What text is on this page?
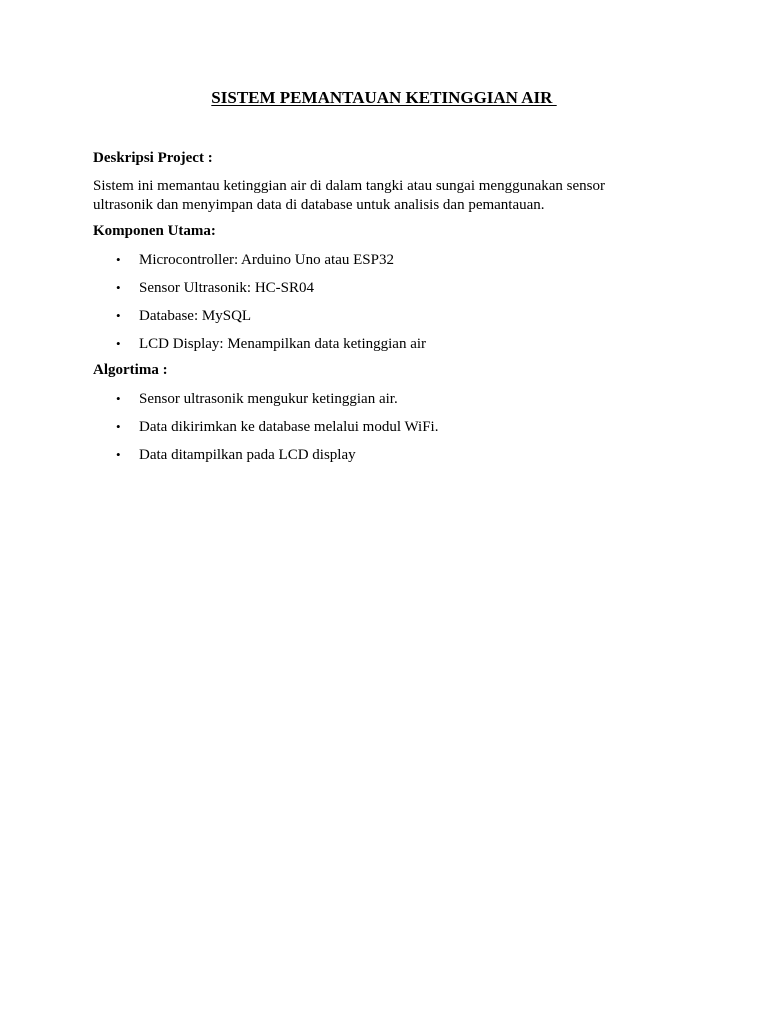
SISTEM PEMANTAUAN KETINGGIAN AIR
Deskripsi Project :
Sistem ini memantau ketinggian air di dalam tangki atau sungai menggunakan sensor
ultrasonik dan menyimpan data di database untuk analisis dan pemantauan.
Komponen Utama:
• Microcontroller: Arduino Uno atau ESP32
• Sensor Ultrasonik: HC-SR04
• Database: MySQL
• LCD Display: Menampilkan data ketinggian air
Algortima :
• Sensor ultrasonik mengukur ketinggian air.
• Data dikirimkan ke database melalui modul WiFi.
• Data ditampilkan pada LCD display
